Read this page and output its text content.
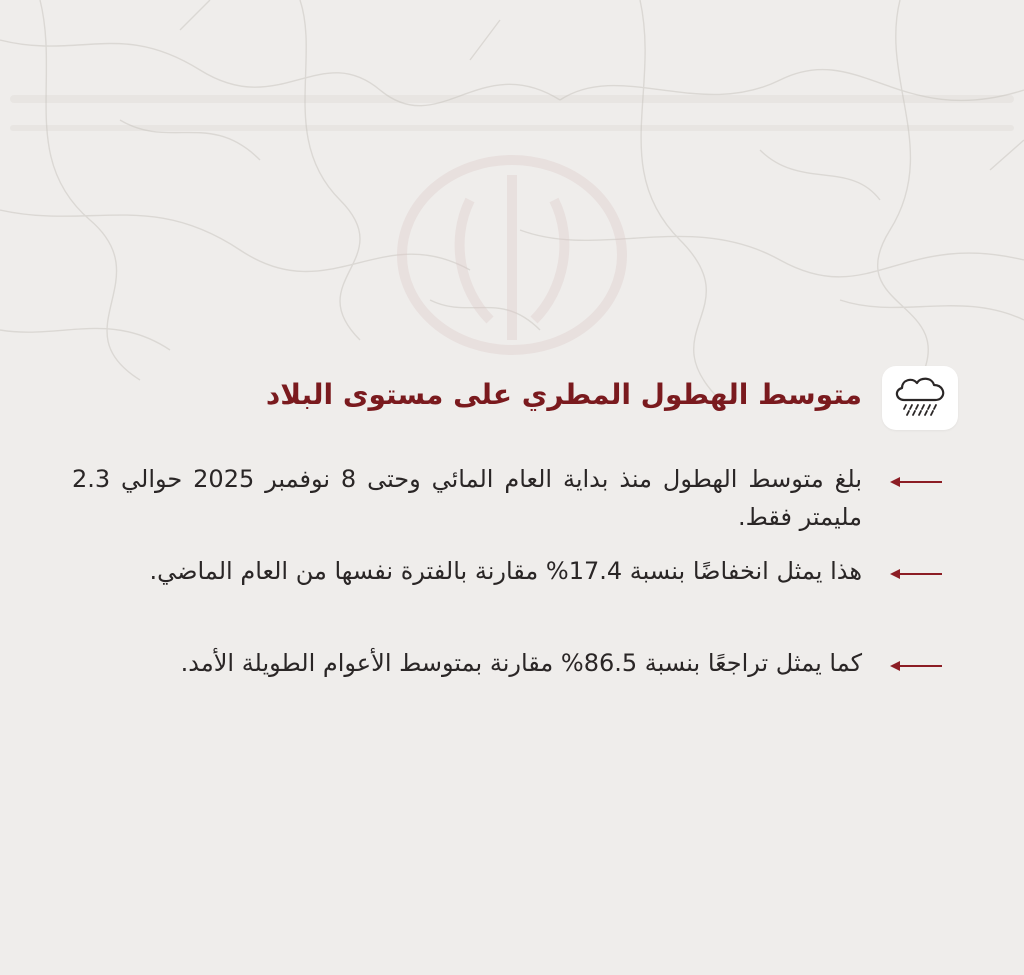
متوسط الهطول المطري على مستوى البلاد

بلغ متوسط الهطول منذ بداية العام المائي وحتى 8 نوفمبر 2025 حوالي 2.3 مليمتر فقط.

هذا يمثل انخفاضًا بنسبة 17.4% مقارنة بالفترة نفسها من العام الماضي.

كما يمثل تراجعًا بنسبة 86.5% مقارنة بمتوسط الأعوام الطويلة الأمد.
